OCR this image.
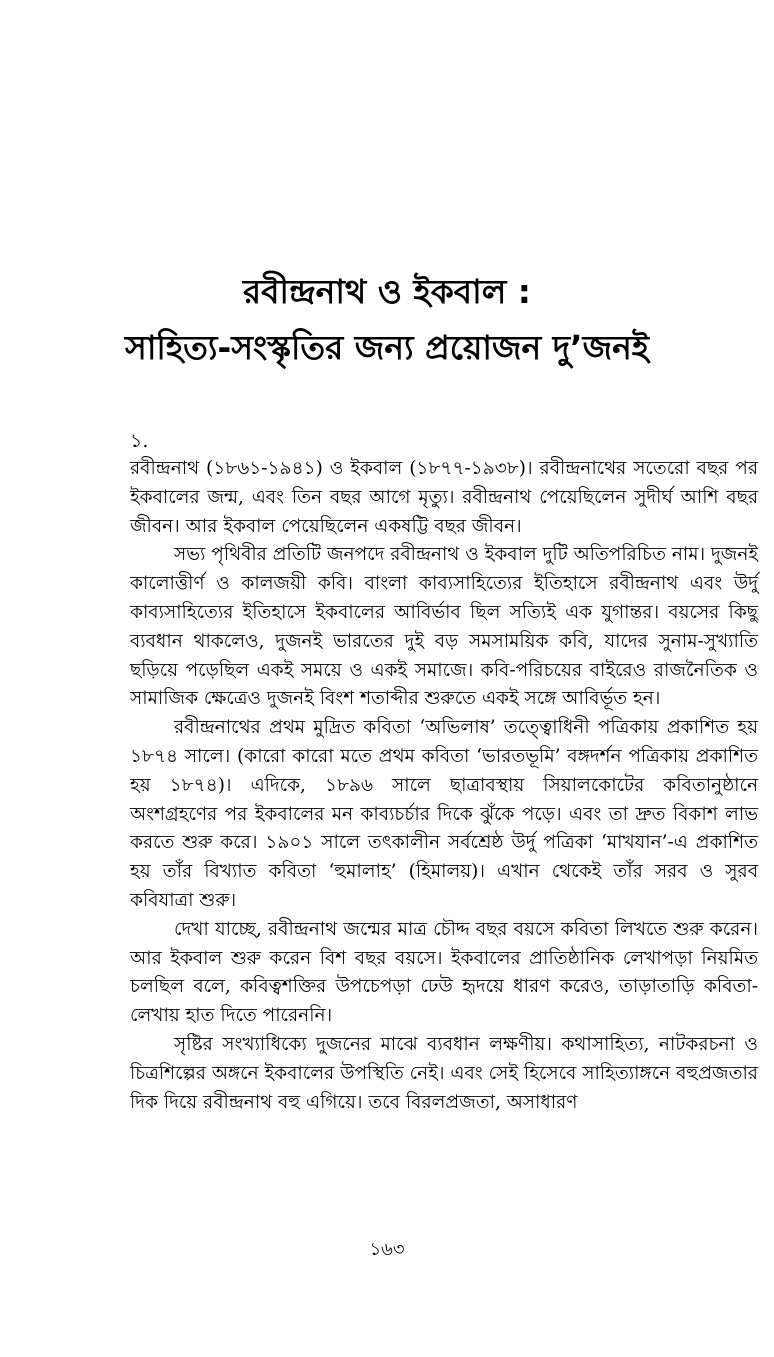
রবীন্দ্রনাথ ও ইকবাল :
সাহিত্য-সংস্কৃতির জন্য প্রয়োজন দু’জনই
১.

রবীন্দ্রনাথ (১৮৬১-১৯৪১) ও ইকবাল (১৮৭৭-১৯৩৮)। রবীন্দ্রনাথের সতেরো বছর পর ইকবালের জন্ম, এবং তিন বছর আগে মৃত্যু। রবীন্দ্রনাথ পেয়েছিলেন সুদীর্ঘ আশি বছর জীবন। আর ইকবাল পেয়েছিলেন একষট্টি বছর জীবন।

সভ্য পৃথিবীর প্রতিটি জনপদে রবীন্দ্রনাথ ও ইকবাল দুটি অতিপরিচিত নাম। দুজনই কালোত্তীর্ণ ও কালজয়ী কবি। বাংলা কাব্যসাহিত্যের ইতিহাসে রবীন্দ্রনাথ এবং উর্দু কাব্যসাহিত্যের ইতিহাসে ইকবালের আবির্ভাব ছিল সত্যিই এক যুগান্তর। বয়সের কিছু ব্যবধান থাকলেও, দুজনই ভারতের দুই বড় সমসাময়িক কবি, যাদের সুনাম-সুখ্যাতি ছড়িয়ে পড়েছিল একই সময়ে ও একই সমাজে। কবি-পরিচয়ের বাইরেও রাজনৈতিক ও সামাজিক ক্ষেত্রেও দুজনই বিংশ শতাব্দীর শুরুতে একই সঙ্গে আবির্ভূত হন।

রবীন্দ্রনাথের প্রথম মুদ্রিত কবিতা ‘অভিলাষ’ তত্ত্বোধিনী পত্রিকায় প্রকাশিত হয় ১৮৭৪ সালে। (কারো কারো মতে প্রথম কবিতা ‘ভারতভূমি’ বঙ্গদর্শন পত্রিকায় প্রকাশিত হয় ১৮৭৪)। এদিকে, ১৮৯৬ সালে ছাত্রাবস্থায় সিয়ালকোটের কবিতানুষ্ঠানে অংশগ্রহণের পর ইকবালের মন কাব্যচর্চার দিকে ঝুঁকে পড়ে। এবং তা দ্রুত বিকাশ লাভ করতে শুরু করে। ১৯০১ সালে তৎকালীন সর্বশ্রেষ্ঠ উর্দু পত্রিকা ‘মাখযান’-এ প্রকাশিত হয় তাঁর বিখ্যাত কবিতা ‘হুমালাহ’ (হিমালয়)। এখান থেকেই তাঁর সরব ও সুরব কবিযাত্রা শুরু।

দেখা যাচ্ছে, রবীন্দ্রনাথ জন্মের মাত্র চৌদ্দ বছর বয়সে কবিতা লিখতে শুরু করেন। আর ইকবাল শুরু করেন বিশ বছর বয়সে। ইকবালের প্রাতিষ্ঠানিক লেখাপড়া নিয়মিত চলছিল বলে, কবিত্বশক্তির উপচেপড়া ঢেউ হৃদয়ে ধারণ করেও, তাড়াতাড়ি কবিতা-লেখায় হাত দিতে পারেননি।

সৃষ্টির সংখ্যাধিক্যে দুজনের মাঝে ব্যবধান লক্ষণীয়। কথাসাহিত্য, নাটকরচনা ও চিত্রশিল্পের অঙ্গনে ইকবালের উপস্থিতি নেই। এবং সেই হিসেবে সাহিত্যাঙ্গনে বহুপ্রজতার দিক দিয়ে রবীন্দ্রনাথ বহু এগিয়ে। তবে বিরলপ্রজতা, অসাধারণ

১৬৩
